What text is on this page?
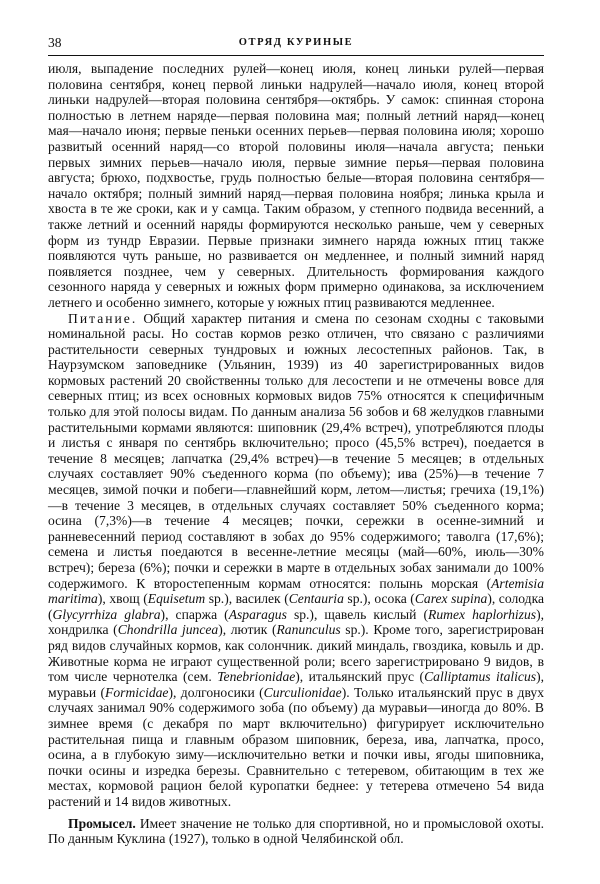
38	ОТРЯД КУРИНЫЕ

июля, выпадение последних рулей—конец июля, конец линьки рулей—первая половина сентября, конец первой линьки надрулей—начало июля, конец второй линьки надрулей—вторая половина сентября—октябрь. У самок: спинная сторона полностью в летнем наряде—первая половина мая; полный летний наряд—конец мая—начало июня; первые пеньки осенних перьев—первая половина июля; хорошо развитый осенний наряд—со второй половины июля—начала августа; пеньки первых зимних перьев—начало июля, первые зимние перья—первая половина августа; брюхо, подхвостье, грудь полностью белые—вторая половина сентября—начало октября; полный зимний наряд—первая половина ноября; линька крыла и хвоста в те же сроки, как и у самца. Таким образом, у степного подвида весенний, а также летний и осенний наряды формируются несколько раньше, чем у северных форм из тундр Евразии. Первые признаки зимнего наряда южных птиц также появляются чуть раньше, но развивается он медленнее, и полный зимний наряд появляется позднее, чем у северных. Длительность формирования каждого сезонного наряда у северных и южных форм примерно одинакова, за исключением летнего и особенно зимнего, которые у южных птиц развиваются медленнее.

Питание. Общий характер питания и смена по сезонам сходны с таковыми номинальной расы. Но состав кормов резко отличен, что связано с различиями растительности северных тундровых и южных лесостепных районов. Так, в Наурзумском заповеднике (Ульянин, 1939) из 40 зарегистрированных видов кормовых растений 20 свойственны только для лесостепи и не отмечены вовсе для северных птиц; из всех основных кормовых видов 75% относятся к специфичным только для этой полосы видам. По данным анализа 56 зобов и 68 желудков главными растительными кормами являются: шиповник (29,4% встреч), употребляются плоды и листья с января по сентябрь включительно; просо (45,5% встреч), поедается в течение 8 месяцев; лапчатка (29,4% встреч)—в течение 5 месяцев; в отдельных случаях составляет 90% съеденного корма (по объему); ива (25%)—в течение 7 месяцев, зимой почки и побеги—главнейший корм, летом—листья; гречиха (19,1%)—в течение 3 месяцев, в отдельных случаях составляет 50% съеденного корма; осина (7,3%)—в течение 4 месяцев; почки, сережки в осенне-зимний и ранневесенний период составляют в зобах до 95% содержимого; таволга (17,6%); семена и листья поедаются в весенне-летние месяцы (май—60%, июль—30% встреч); береза (6%); почки и сережки в марте в отдельных зобах занимали до 100% содержимого. К второстепенным кормам относятся: полынь морская (Artemisia maritima), хвощ (Equisetum sp.), василек (Centauria sp.), осока (Carex supina), солодка (Glycyrrhiza glabra), спаржа (Asparagus sp.), щавель кислый (Rumex haplorhizus), хондрилка (Chondrilla juncea), лютик (Ranunculus sp.). Кроме того, зарегистрирован ряд видов случайных кормов, как солончник. дикий миндаль, гвоздика, ковыль и др. Животные корма не играют существенной роли; всего зарегистрировано 9 видов, в том числе чернотелка (сем. Tenebrionidae), итальянский прус (Calliptamus italicus), муравьи (Formicidae), долгоносики (Curculionidae). Только итальянский прус в двух случаях занимал 90% содержимого зоба (по объему) да муравьи—иногда до 80%. В зимнее время (с декабря по март включительно) фигурирует исключительно растительная пища и главным образом шиповник, береза, ива, лапчатка, просо, осина, а в глубокую зиму—исключительно ветки и почки ивы, ягоды шиповника, почки осины и изредка березы. Сравнительно с тетеревом, обитающим в тех же местах, кормовой рацион белой куропатки беднее: у тетерева отмечено 54 вида растений и 14 видов животных.

Промысел. Имеет значение не только для спортивной, но и промысловой охоты. По данным Куклина (1927), только в одной Челябинской обл.
